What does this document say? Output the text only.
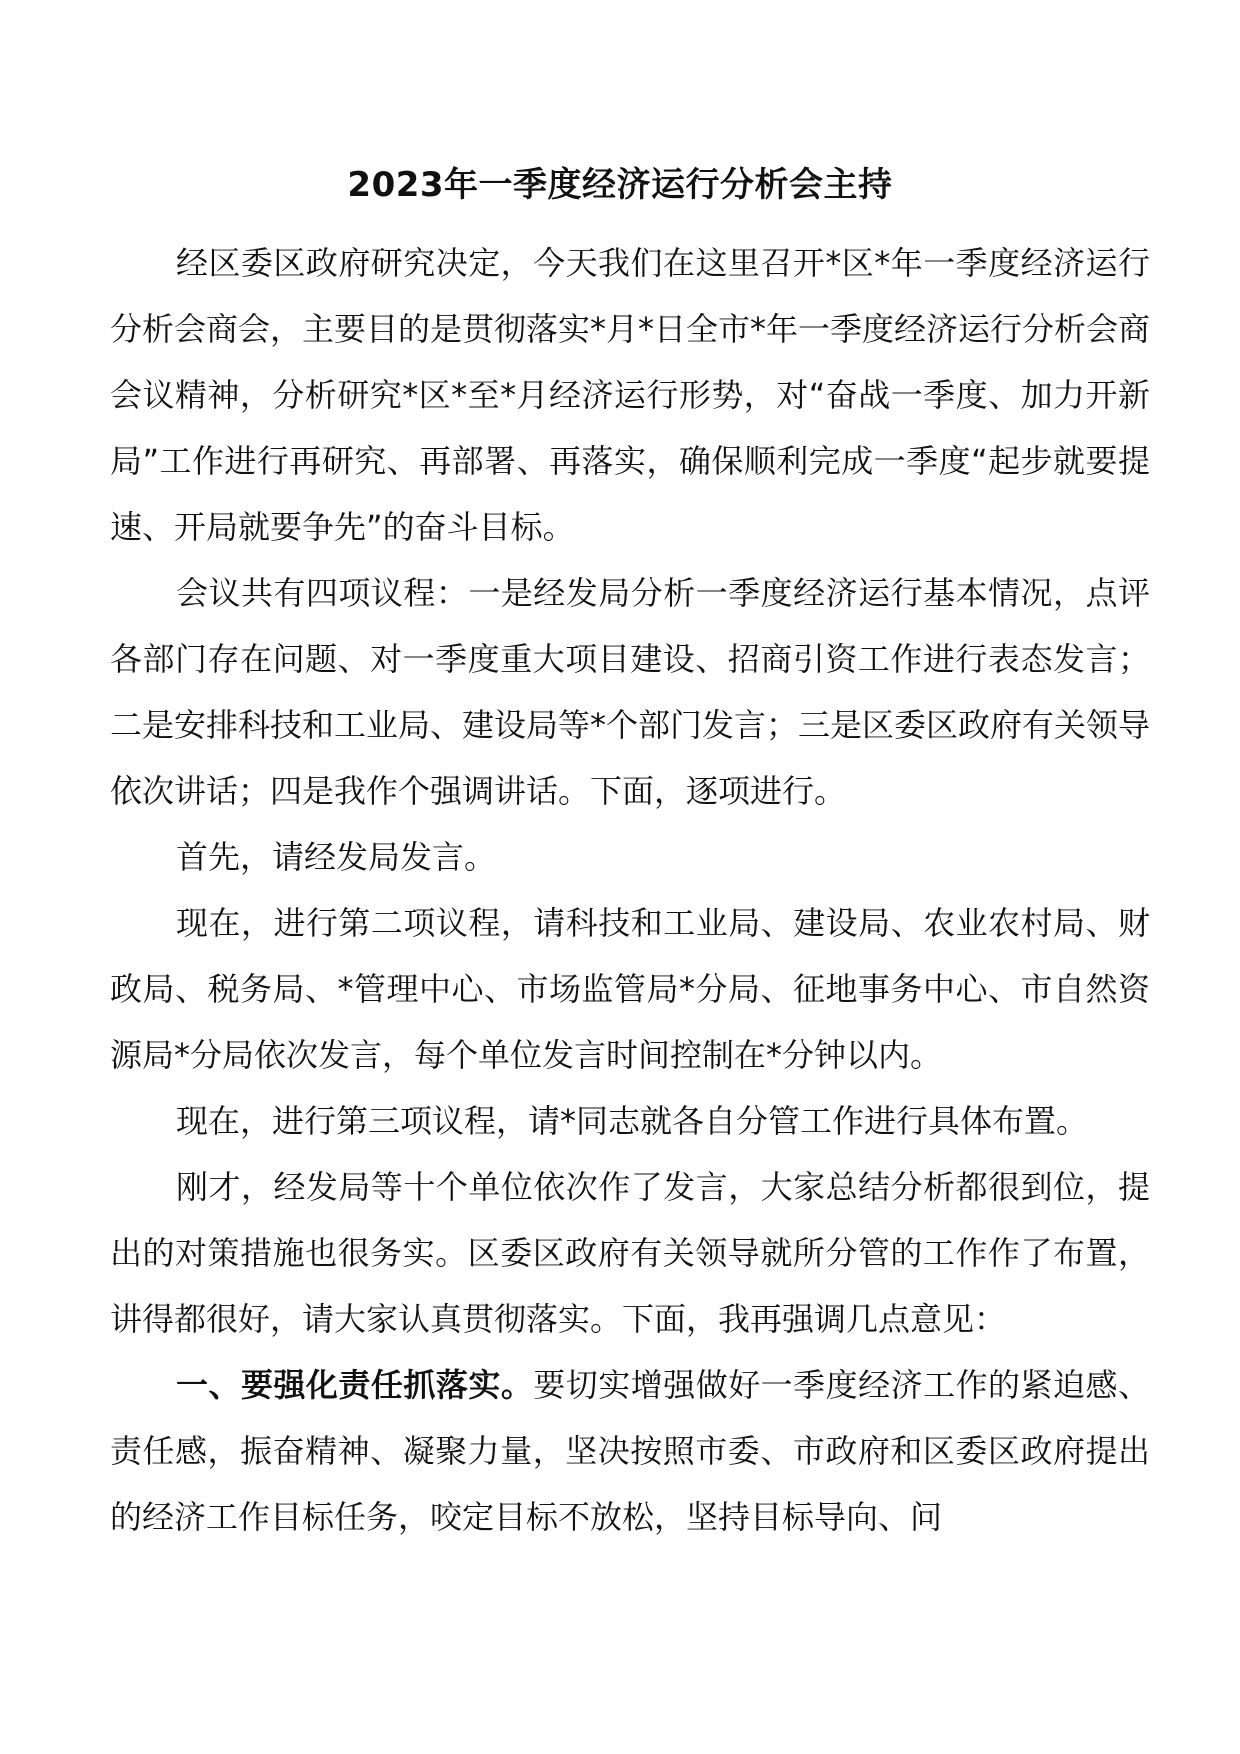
2023年一季度经济运行分析会主持

经区委区政府研究决定，今天我们在这里召开*区*年一季度经济运行分析会商会，主要目的是贯彻落实*月*日全市*年一季度经济运行分析会商会议精神，分析研究*区*至*月经济运行形势，对“奋战一季度、加力开新局”工作进行再研究、再部署、再落实，确保顺利完成一季度“起步就要提速、开局就要争先”的奋斗目标。

会议共有四项议程：一是经发局分析一季度经济运行基本情况，点评各部门存在问题、对一季度重大项目建设、招商引资工作进行表态发言；二是安排科技和工业局、建设局等*个部门发言；三是区委区政府有关领导依次讲话；四是我作个强调讲话。下面，逐项进行。

首先，请经发局发言。

现在，进行第二项议程，请科技和工业局、建设局、农业农村局、财政局、税务局、*管理中心、市场监管局*分局、征地事务中心、市自然资源局*分局依次发言，每个单位发言时间控制在*分钟以内。

现在，进行第三项议程，请*同志就各自分管工作进行具体布置。

刚才，经发局等十个单位依次作了发言，大家总结分析都很到位，提出的对策措施也很务实。区委区政府有关领导就所分管的工作作了布置，讲得都很好，请大家认真贯彻落实。下面，我再强调几点意见：

一、要强化责任抓落实。要切实增强做好一季度经济工作的紧迫感、责任感，振奋精神、凝聚力量，坚决按照市委、市政府和区委区政府提出的经济工作目标任务，咬定目标不放松，坚持目标导向、问
